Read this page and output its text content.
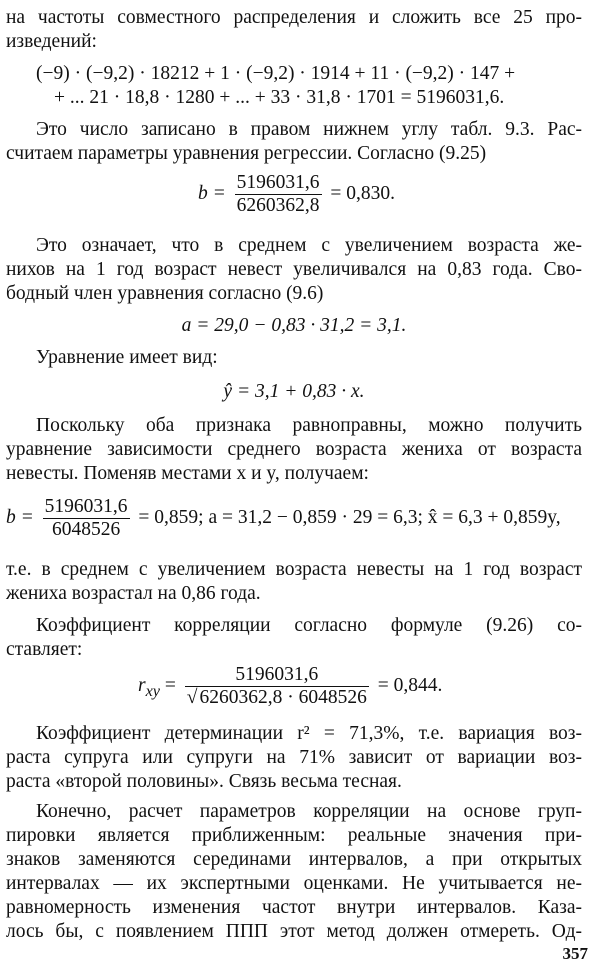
на частоты совместного распределения и сложить все 25 про-
изведений:
(−9) · (−9,2) · 18212 + 1 · (−9,2) · 1914 + 11 · (−9,2) · 147 +
+ ... 21 · 18,8 · 1280 + ... + 33 · 31,8 · 1701 = 5196031,6.
Это число записано в правом нижнем углу табл. 9.3. Рас-
считаем параметры уравнения регрессии. Согласно (9.25)
$b = \frac{5196031,6}{6260362,8} = 0,830$.
Это означает, что в среднем с увеличением возраста же-
нихов на 1 год возраст невест увеличивался на 0,83 года. Сво-
бодный член уравнения согласно (9.6)
a = 29,0 − 0,83 · 31,2 = 3,1.
Уравнение имеет вид:
ŷ = 3,1 + 0,83 · x.
Поскольку оба признака равноправны, можно получить
уравнение зависимости среднего возраста жениха от возраста
невесты. Поменяв местами x и y, получаем:
$b = \frac{5196031,6}{6048526} = 0,859$; a = 31,2 − 0,859 · 29 = 6,3; x̂ = 6,3 + 0,859y,
т.е. в среднем с увеличением возраста невесты на 1 год возраст
жениха возрастал на 0,86 года.
Коэффициент корреляции согласно формуле (9.26) со-
ставляет:
$r_{xy} = \frac{5196031,6}{√ 6260362,8 \cdot 6048526} = 0,844$.
Коэффициент детерминации r² = 71,3%, т.е. вариация воз-
раста супруга или супруги на 71% зависит от вариации воз-
раста «второй половины». Связь весьма тесная.
Конечно, расчет параметров корреляции на основе груп-
пировки является приближенным: реальные значения при-
знаков заменяются серединами интервалов, а при открытых
интервалах — их экспертными оценками. Не учитывается не-
равномерность изменения частот внутри интервалов. Каза-
лось бы, с появлением ППП этот метод должен отмереть. Од-
357
